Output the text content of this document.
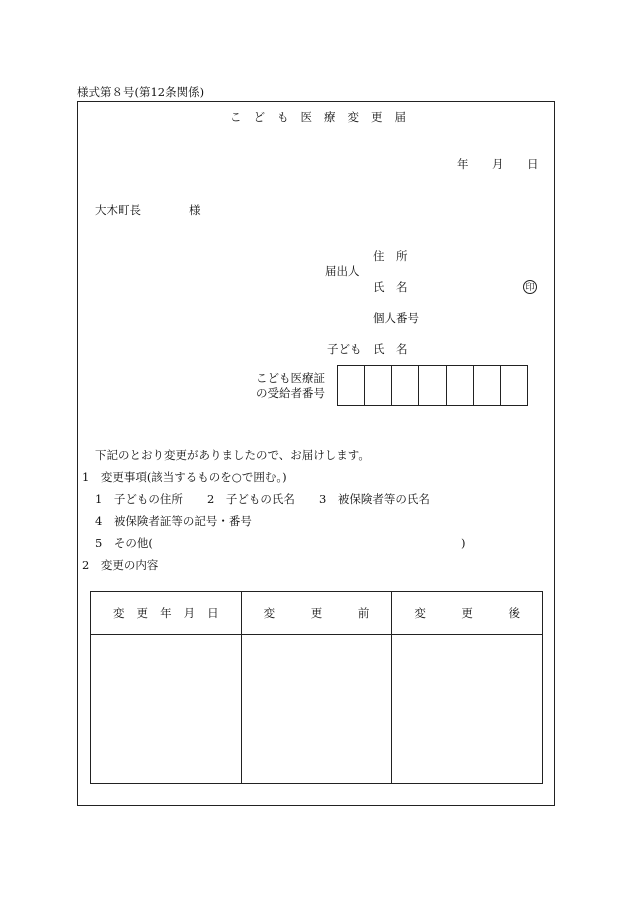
様式第８号(第12条関係)
こ ど も 医 療 変 更 届
年 月 日
大木町長	様
住　所
届出人
氏　名	印
個人番号
子ども　氏　名
こども医療証
の受給者番号
下記のとおり変更がありましたので、お届けします。
1　変更事項(該当するものを○で囲む。)
1　子どもの住所 2　子どもの氏名 3　被保険者等の氏名
4　被保険者証等の記号・番号
5　その他(	)
2　変更の内容
変 更 年 月 日	変 更 前	変 更 後
